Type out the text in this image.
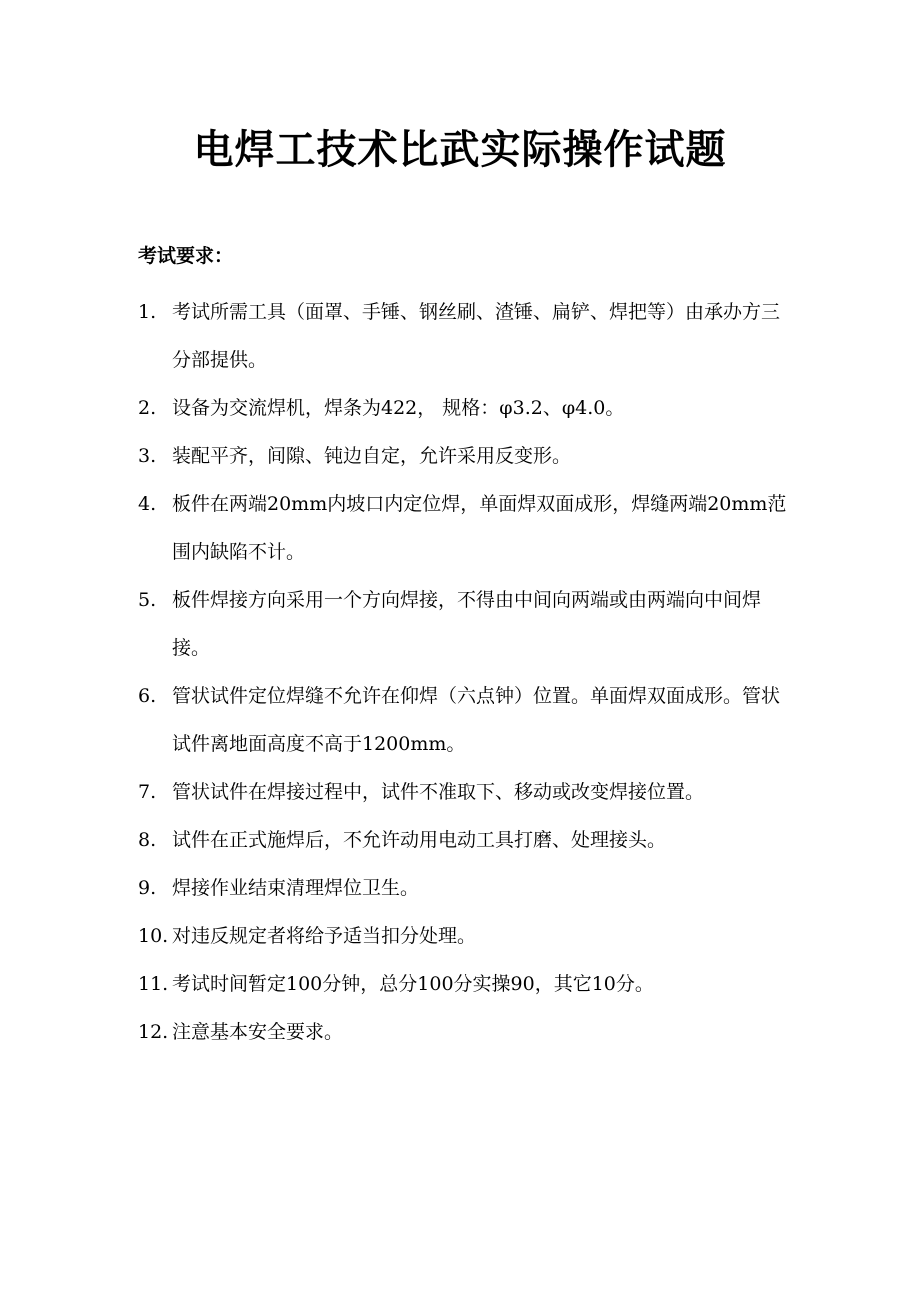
电焊工技术比武实际操作试题
考试要求：
1. 考试所需工具（面罩、手锤、钢丝刷、渣锤、扁铲、焊把等）由承办方三分部提供。
2. 设备为交流焊机，焊条为422， 规格：φ3.2、φ4.0。
3. 装配平齐，间隙、钝边自定，允许采用反变形。
4. 板件在两端20mm内坡口内定位焊，单面焊双面成形，焊缝两端20mm范围内缺陷不计。
5. 板件焊接方向采用一个方向焊接，不得由中间向两端或由两端向中间焊接。
6. 管状试件定位焊缝不允许在仰焊（六点钟）位置。单面焊双面成形。管状试件离地面高度不高于1200mm。
7. 管状试件在焊接过程中，试件不准取下、移动或改变焊接位置。
8. 试件在正式施焊后，不允许动用电动工具打磨、处理接头。
9. 焊接作业结束清理焊位卫生。
10. 对违反规定者将给予适当扣分处理。
11. 考试时间暂定100分钟，总分100分实操90，其它10分。
12. 注意基本安全要求。
